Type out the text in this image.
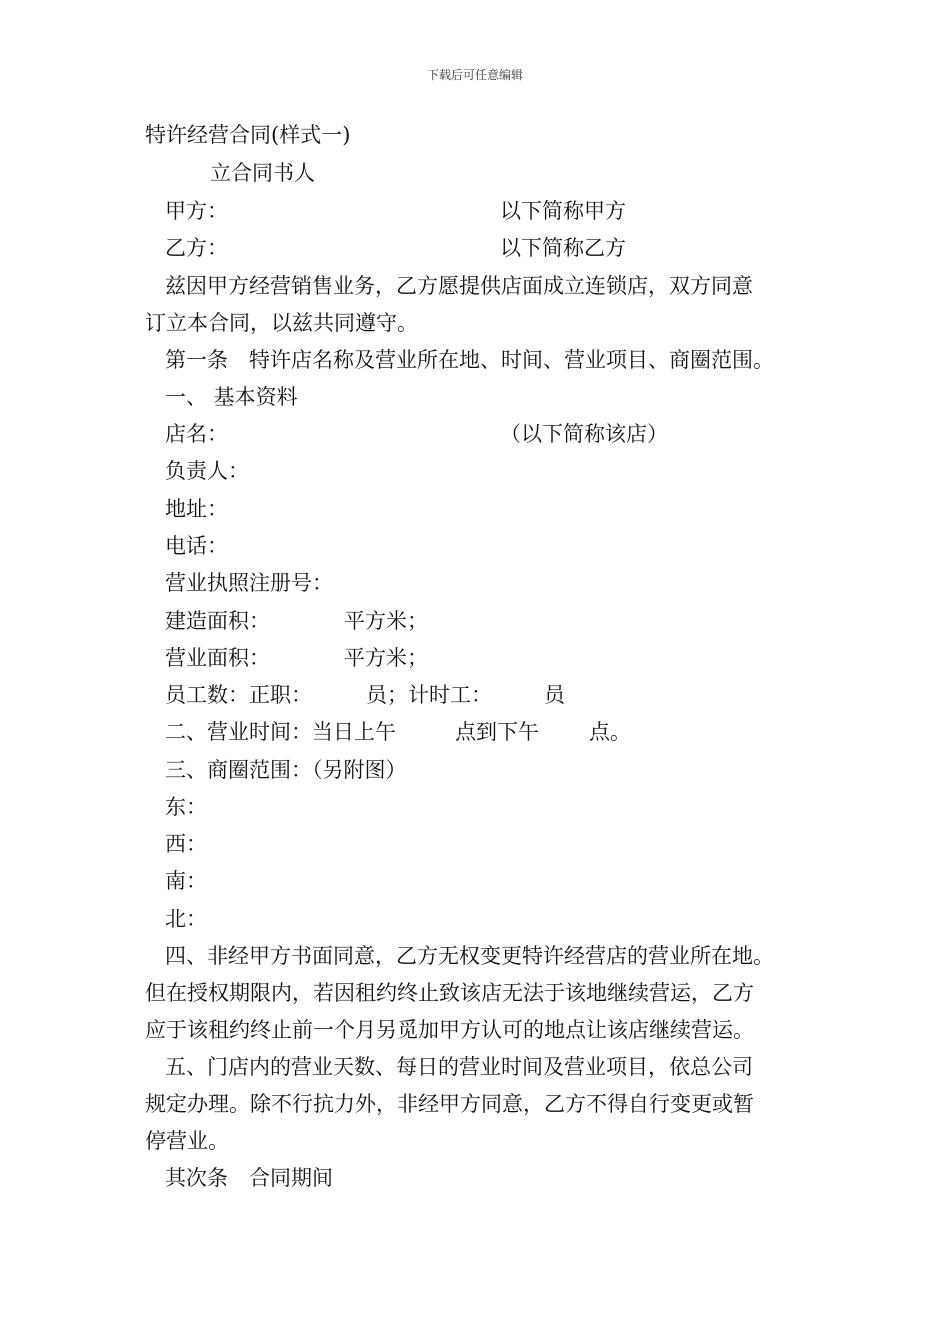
下载后可任意编辑
特许经营合同(样式一)
立合同书人
甲方：	以下简称甲方
乙方：	以下简称乙方
兹因甲方经营销售业务，乙方愿提供店面成立连锁店，双方同意
订立本合同，以兹共同遵守。
第一条　特许店名称及营业所在地、时间、营业项目、商圈范围。
一、 基本资料
店名：	（以下简称该店）
负责人：
地址：
电话：
营业执照注册号：
建造面积：	平方米；
营业面积：	平方米；
员工数：正职：	员；计时工： 员
二、营业时间：当日上午	点到下午 点。
三、商圈范围：（另附图）
东：
西：
南：
北：
四、非经甲方书面同意，乙方无权变更特许经营店的营业所在地。
但在授权期限内，若因租约终止致该店无法于该地继续营运，乙方
应于该租约终止前一个月另觅加甲方认可的地点让该店继续营运。
五、门店内的营业天数、每日的营业时间及营业项目，依总公司
规定办理。除不行抗力外，非经甲方同意，乙方不得自行变更或暂
停营业。
其次条　合同期间
